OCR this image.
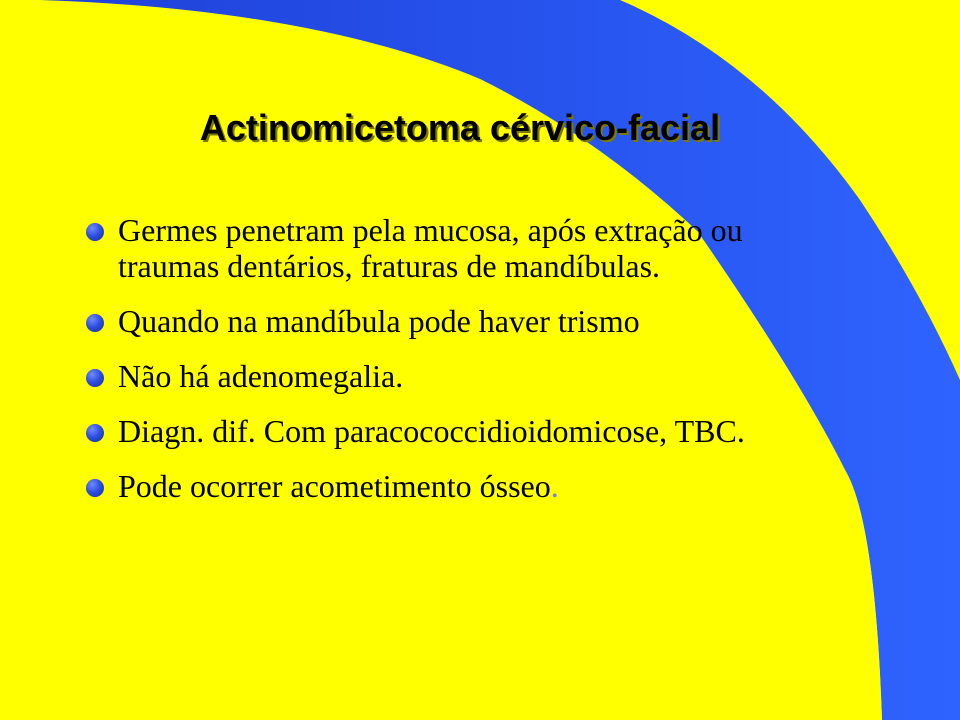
Actinomicetoma cérvico-facial
Germes penetram pela mucosa, após extração ou traumas dentários, fraturas de mandíbulas.
Quando na mandíbula pode haver trismo
Não há adenomegalia.
Diagn. dif. Com paracococcidioidomicose, TBC.
Pode ocorrer acometimento ósseo.
